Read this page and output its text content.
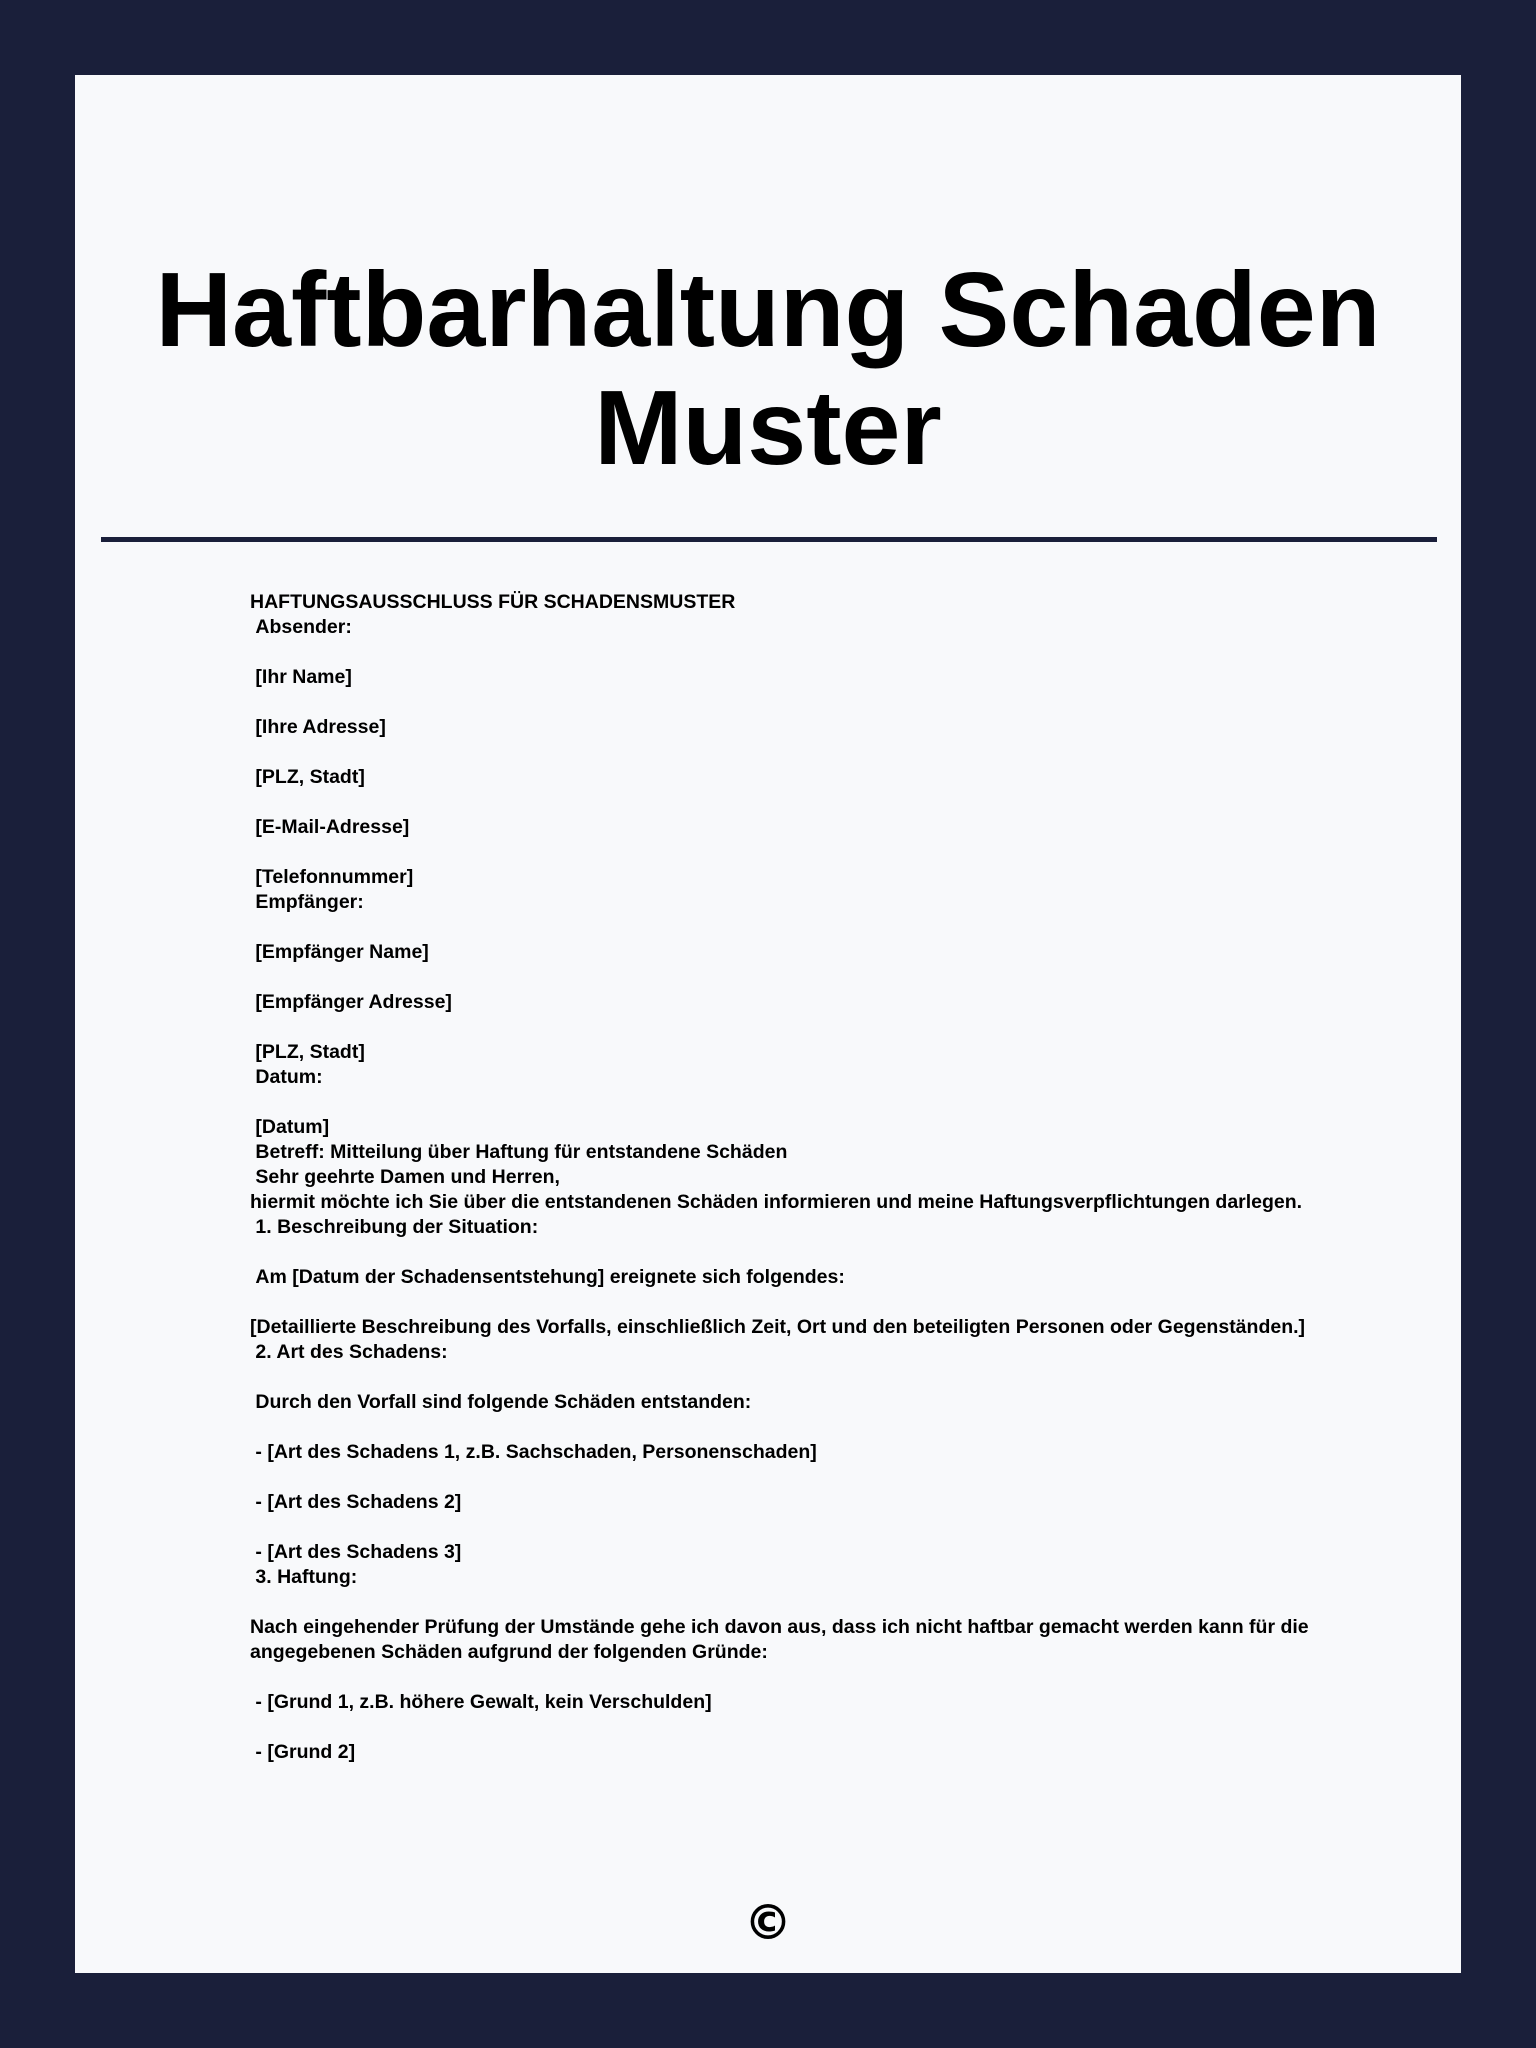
Haftbarhaltung Schaden Muster
HAFTUNGSAUSSCHLUSS FÜR SCHADENSMUSTER
Absender:

[Ihr Name]

[Ihre Adresse]

[PLZ, Stadt]

[E-Mail-Adresse]

[Telefonnummer]
Empfänger:

[Empfänger Name]

[Empfänger Adresse]

[PLZ, Stadt]
Datum:

[Datum]
Betreff: Mitteilung über Haftung für entstandene Schäden
Sehr geehrte Damen und Herren,
hiermit möchte ich Sie über die entstandenen Schäden informieren und meine Haftungsverpflichtungen darlegen.
1. Beschreibung der Situation:

Am [Datum der Schadensentstehung] ereignete sich folgendes:

[Detaillierte Beschreibung des Vorfalls, einschließlich Zeit, Ort und den beteiligten Personen oder Gegenständen.]
2. Art des Schadens:

Durch den Vorfall sind folgende Schäden entstanden:

- [Art des Schadens 1, z.B. Sachschaden, Personenschaden]

- [Art des Schadens 2]

- [Art des Schadens 3]
3. Haftung:

Nach eingehender Prüfung der Umstände gehe ich davon aus, dass ich nicht haftbar gemacht werden kann für die angegebenen Schäden aufgrund der folgenden Gründe:

- [Grund 1, z.B. höhere Gewalt, kein Verschulden]

- [Grund 2]
©
